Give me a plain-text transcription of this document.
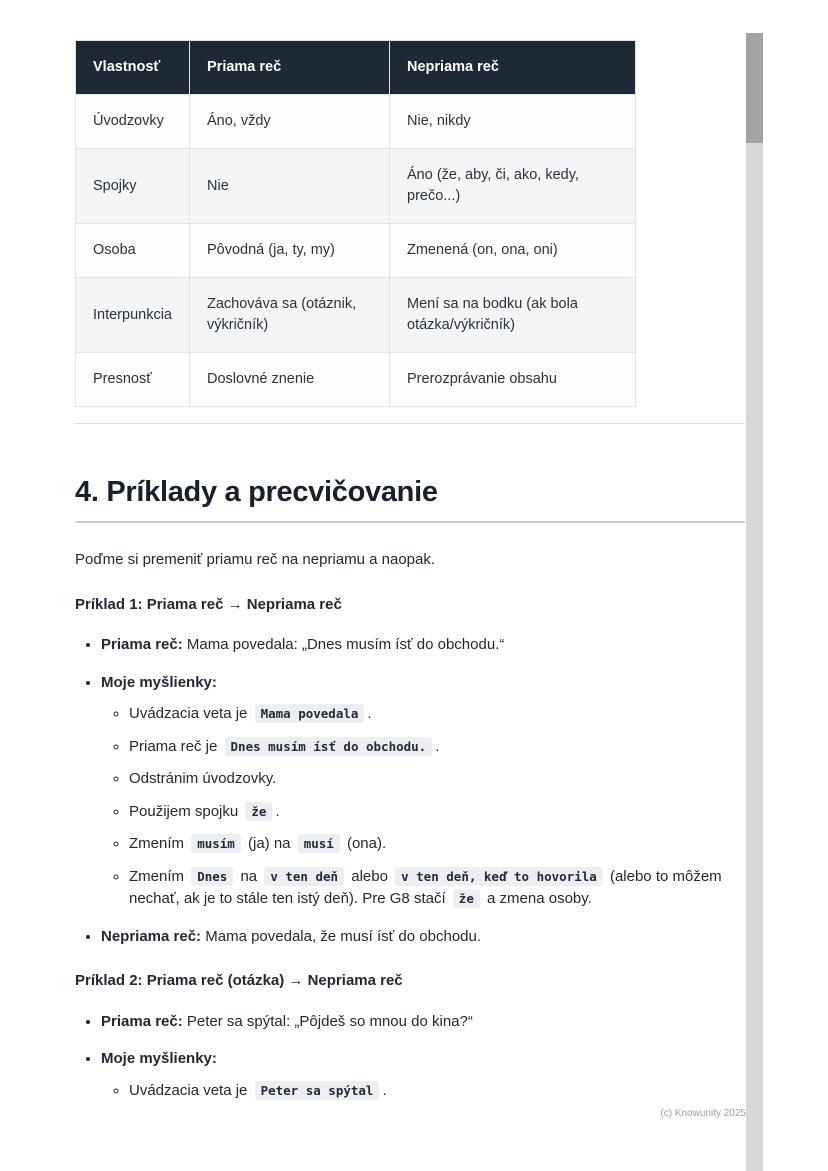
Vlastnosť	Priama reč	Nepriama reč
Úvodzovky	Áno, vždy	Nie, nikdy
Spojky	Nie	Áno (že, aby, či, ako, kedy, prečo...)
Osoba	Pôvodná (ja, ty, my)	Zmenená (on, ona, oni)
Interpunkcia	Zachováva sa (otáznik, výkričník)	Mení sa na bodku (ak bola otázka/výkričník)
Presnosť	Doslovné znenie	Prerozprávanie obsahu
4. Príklady a precvičovanie

Poďme si premeniť priamu reč na nepriamu a naopak.

Príklad 1: Priama reč → Nepriama reč

• Priama reč: Mama povedala: „Dnes musím ísť do obchodu.“
• Moje myšlienky:
◦ Uvádzacia veta je Mama povedala .
◦ Priama reč je Dnes musím ísť do obchodu. .
◦ Odstránim úvodzovky.
◦ Použijem spojku že .
◦ Zmením musím (ja) na musí (ona).
◦ Zmením Dnes na v ten deň alebo v ten deň, keď to hovorila (alebo to môžem nechať, ak je to stále ten istý deň). Pre G8 stačí že a zmena osoby.
• Nepriama reč: Mama povedala, že musí ísť do obchodu.

Príklad 2: Priama reč (otázka) → Nepriama reč

• Priama reč: Peter sa spýtal: „Pôjdeš so mnou do kina?“
• Moje myšlienky:
◦ Uvádzacia veta je Peter sa spýtal .
(c) Knowunity 2025
